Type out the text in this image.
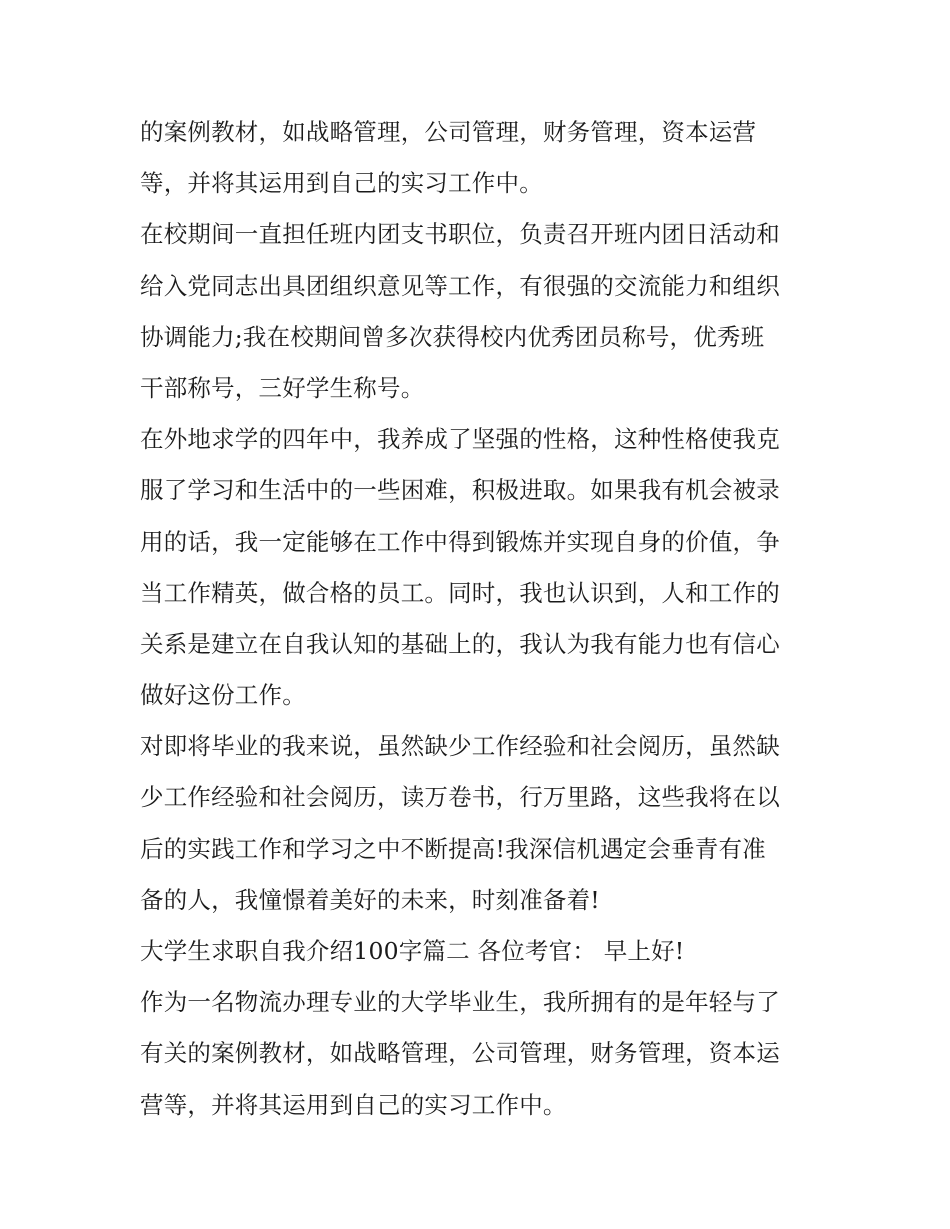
的案例教材，如战略管理，公司管理，财务管理，资本运营
等，并将其运用到自己的实习工作中。
在校期间一直担任班内团支书职位，负责召开班内团日活动和
给入党同志出具团组织意见等工作，有很强的交流能力和组织
协调能力;我在校期间曾多次获得校内优秀团员称号，优秀班
干部称号，三好学生称号。
在外地求学的四年中，我养成了坚强的性格，这种性格使我克
服了学习和生活中的一些困难，积极进取。如果我有机会被录
用的话，我一定能够在工作中得到锻炼并实现自身的价值，争
当工作精英，做合格的员工。同时，我也认识到，人和工作的
关系是建立在自我认知的基础上的，我认为我有能力也有信心
做好这份工作。
对即将毕业的我来说，虽然缺少工作经验和社会阅历，虽然缺
少工作经验和社会阅历，读万卷书，行万里路，这些我将在以
后的实践工作和学习之中不断提高!我深信机遇定会垂青有准
备的人，我憧憬着美好的未来，时刻准备着!
大学生求职自我介绍100字篇二 各位考官： 早上好!
作为一名物流办理专业的大学毕业生，我所拥有的是年轻与了
有关的案例教材，如战略管理，公司管理，财务管理，资本运
营等，并将其运用到自己的实习工作中。
